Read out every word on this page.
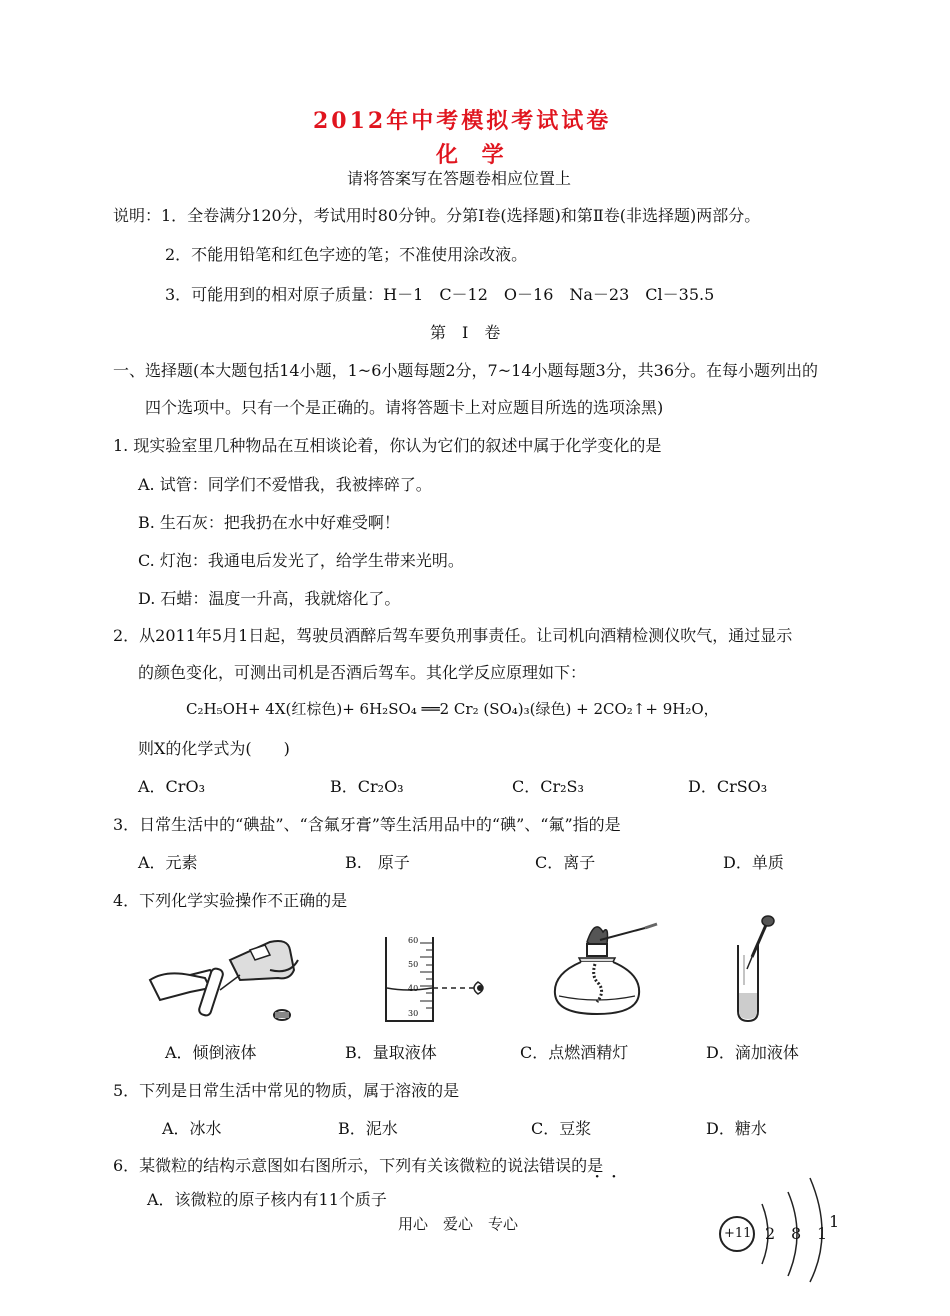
2012年中考模拟考试试卷
化 学
请将答案写在答题卷相应位置上
说明：1．全卷满分120分，考试用时80分钟。分第Ⅰ卷(选择题)和第Ⅱ卷(非选择题)两部分。
2．不能用铅笔和红色字迹的笔；不准使用涂改液。
3．可能用到的相对原子质量：H－1　C－12　O－16　Na－23　Cl－35.5
第　Ⅰ　卷
一、选择题(本大题包括14小题，1~6小题每题2分，7~14小题每题3分，共36分。在每小题列出的
四个选项中。只有一个是正确的。请将答题卡上对应题目所选的选项涂黑)
1. 现实验室里几种物品在互相谈论着，你认为它们的叙述中属于化学变化的是
A. 试管：同学们不爱惜我，我被摔碎了。
B. 生石灰：把我扔在水中好难受啊！
C. 灯泡：我通电后发光了，给学生带来光明。
D. 石蜡：温度一升高，我就熔化了。
2．从2011年5月1日起，驾驶员酒醉后驾车要负刑事责任。让司机向酒精检测仪吹气，通过显示
的颜色变化，可测出司机是否酒后驾车。其化学反应原理如下：
C₂H₅OH+ 4X(红棕色)+ 6H₂SO₄ ══2 Cr₂ (SO₄)₃(绿色) + 2CO₂↑+ 9H₂O，
则X的化学式为(　　)
A．CrO₃	B．Cr₂O₃	C．Cr₂S₃	D．CrSO₃
3．日常生活中的“碘盐”、“含氟牙膏”等生活用品中的“碘”、“氟”指的是
A．元素	B.　原子	C．离子	D．单质
4．下列化学实验操作不正确的是
60
50
40
30
A．倾倒液体	B．量取液体	C．点燃酒精灯	D．滴加液体
5．下列是日常生活中常见的物质，属于溶液的是
A．冰水	B．泥水	C．豆浆	D．糖水
6．某微粒的结构示意图如右图所示，下列有关该微粒的说法错误的是
· ·
A．该微粒的原子核内有11个质子
+11 2 8 1
1
用心　爱心　专心
